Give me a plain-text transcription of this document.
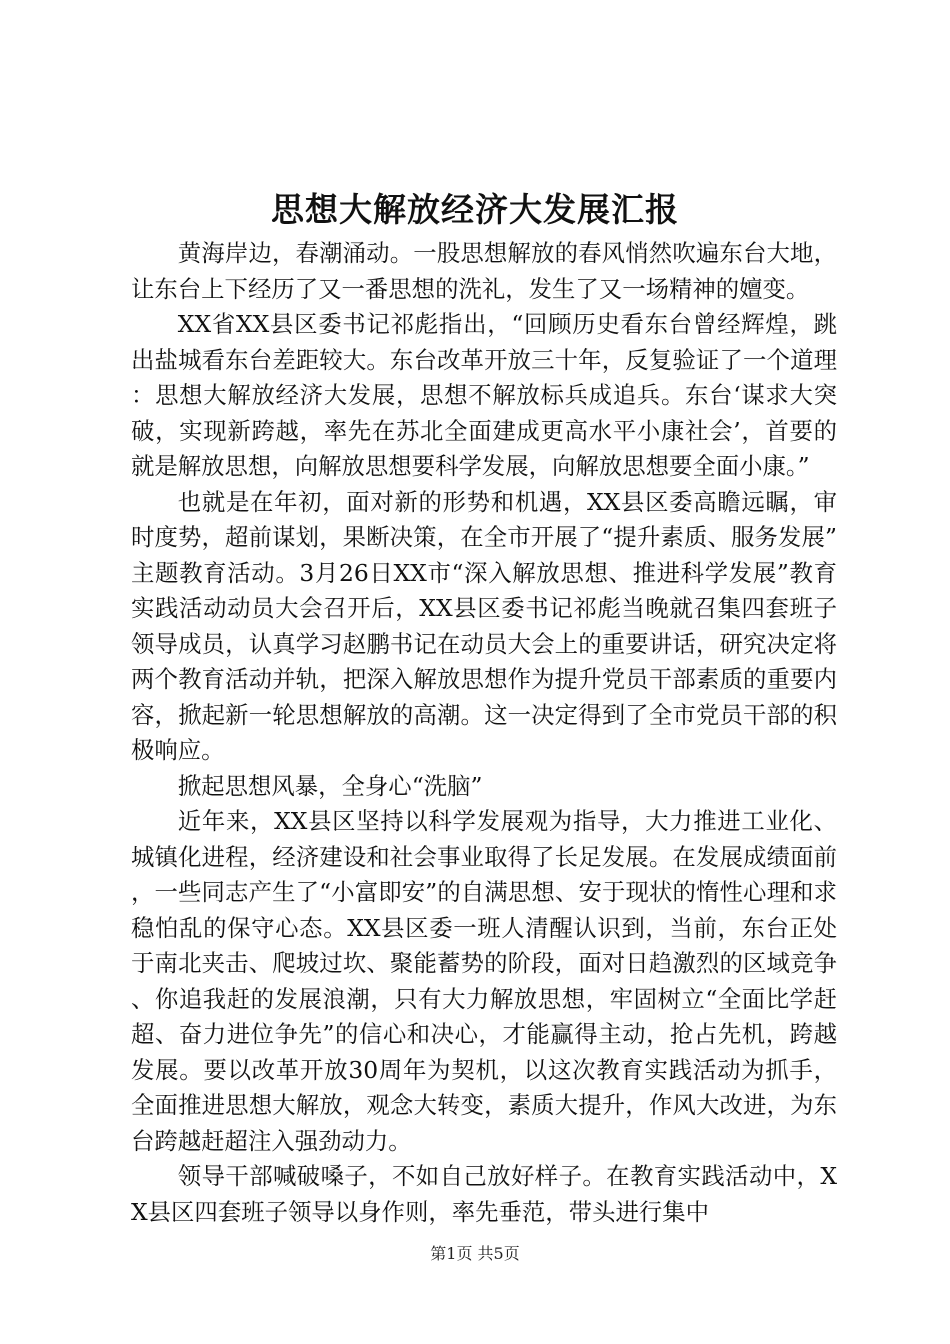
思想大解放经济大发展汇报

黄海岸边，春潮涌动。一股思想解放的春风悄然吹遍东台大地，让东台上下经历了又一番思想的洗礼，发生了又一场精神的嬗变。

XX省XX县区委书记祁彪指出，“回顾历史看东台曾经辉煌，跳出盐城看东台差距较大。东台改革开放三十年，反复验证了一个道理：思想大解放经济大发展，思想不解放标兵成追兵。东台‘谋求大突破，实现新跨越，率先在苏北全面建成更高水平小康社会’，首要的就是解放思想，向解放思想要科学发展，向解放思想要全面小康。”

也就是在年初，面对新的形势和机遇，XX县区委高瞻远瞩，审时度势，超前谋划，果断决策，在全市开展了“提升素质、服务发展”主题教育活动。3月26日XX市“深入解放思想、推进科学发展”教育实践活动动员大会召开后，XX县区委书记祁彪当晚就召集四套班子领导成员，认真学习赵鹏书记在动员大会上的重要讲话，研究决定将两个教育活动并轨，把深入解放思想作为提升党员干部素质的重要内容，掀起新一轮思想解放的高潮。这一决定得到了全市党员干部的积极响应。

掀起思想风暴，全身心“洗脑”

近年来，XX县区坚持以科学发展观为指导，大力推进工业化、城镇化进程，经济建设和社会事业取得了长足发展。在发展成绩面前，一些同志产生了“小富即安”的自满思想、安于现状的惰性心理和求稳怕乱的保守心态。XX县区委一班人清醒认识到，当前，东台正处于南北夹击、爬坡过坎、聚能蓄势的阶段，面对日趋激烈的区域竞争、你追我赶的发展浪潮，只有大力解放思想，牢固树立“全面比学赶超、奋力进位争先”的信心和决心，才能赢得主动，抢占先机，跨越发展。要以改革开放30周年为契机，以这次教育实践活动为抓手，全面推进思想大解放，观念大转变，素质大提升，作风大改进，为东台跨越赶超注入强劲动力。

领导干部喊破嗓子，不如自己放好样子。在教育实践活动中，XX县区四套班子领导以身作则，率先垂范，带头进行集中

第1页 共5页
